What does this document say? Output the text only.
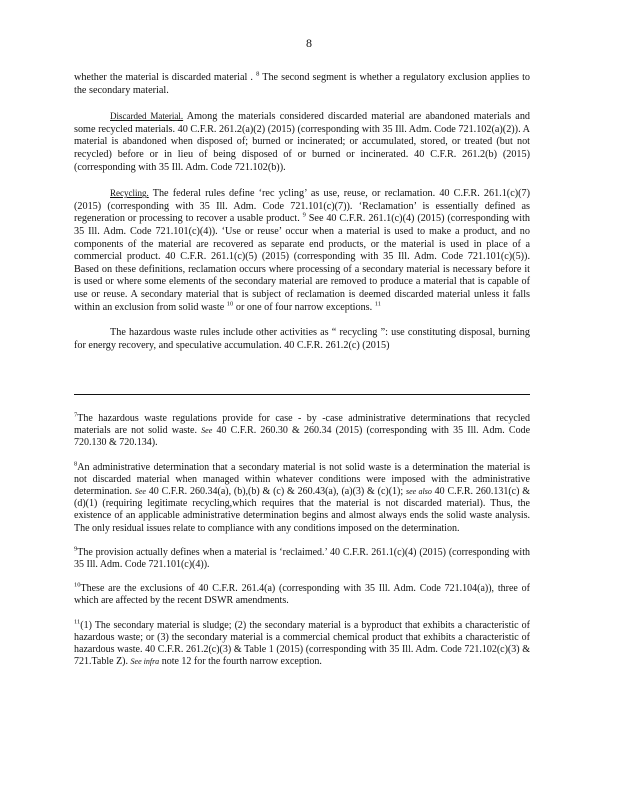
8

whether the material is discarded material . $^8$ The second segment is whether a regulatory exclusion applies to the secondary material.

Discarded Material. Among the materials considered discarded material are abandoned materials and some recycled materials. 40 C.F.R. 261.2(a)(2) (2015) (corresponding with 35 Ill. Adm. Code 721.102(a)(2)). A material is abandoned when disposed of; burned or incinerated; or accumulated, stored, or treated (but not recycled) before or in lieu of being disposed of or burned or incinerated. 40 C.F.R. 261.2(b) (2015) (corresponding with 35 Ill. Adm. Code 721.102(b)).

Recycling. The federal rules define ‘rec ycling’ as use, reuse, or reclamation. 40 C.F.R. 261.1(c)(7) (2015) (corresponding with 35 Ill. Adm. Code 721.101(c)(7)). ‘Reclamation’ is essentially defined as regeneration or processing to recover a usable product. $^9$ See 40 C.F.R. 261.1(c)(4) (2015) (corresponding with 35 Ill. Adm. Code 721.101(c)(4)). ‘Use or reuse’ occur when a material is used to make a product, and no components of the material are recovered as separate end products, or the material is used in place of a commercial product. 40 C.F.R. 261.1(c)(5) (2015) (corresponding with 35 Ill. Adm. Code 721.101(c)(5)). Based on these definitions, reclamation occurs where processing of a secondary material is necessary before it is used or where some elements of the secondary material are removed to produce a material that is capable of use or reuse. A secondary material that is subject of reclamation is deemed discarded material unless it falls within an exclusion from solid waste $^{10}$ or one of four narrow exceptions. $^{11}$

The hazardous waste rules include other activities as “ recycling ”: use constituting disposal, burning for energy recovery, and speculative accumulation. 40 C.F.R. 261.2(c) (2015)

$^7$The hazardous waste regulations provide for case - by -case administrative determinations that recycled materials are not solid waste. See 40 C.F.R. 260.30 & 260.34 (2015) (corresponding with 35 Ill. Adm. Code 720.130 & 720.134).

$^8$An administrative determination that a secondary material is not solid waste is a determination the material is not discarded material when managed within whatever conditions were imposed with the administrative determination. See 40 C.F.R. 260.34(a), (b),(b) & (c) & 260.43(a), (a)(3) & (c)(1); see also 40 C.F.R. 260.131(c) & (d)(1) (requiring legitimate recycling,which requires that the material is not discarded material). Thus, the existence of an applicable administrative determination begins and almost always ends the solid waste analysis. The only residual issues relate to compliance with any conditions imposed on the determination.

$^9$The provision actually defines when a material is ‘reclaimed.’ 40 C.F.R. 261.1(c)(4) (2015) (corresponding with 35 Ill. Adm. Code 721.101(c)(4)).

$^{10}$These are the exclusions of 40 C.F.R. 261.4(a) (corresponding with 35 Ill. Adm. Code 721.104(a)), three of which are affected by the recent DSWR amendments.

$^{11}$(1) The secondary material is sludge; (2) the secondary material is a byproduct that exhibits a characteristic of hazardous waste; or (3) the secondary material is a commercial chemical product that exhibits a characteristic of hazardous waste. 40 C.F.R. 261.2(c)(3) & Table 1 (2015) (corresponding with 35 Ill. Adm. Code 721.102(c)(3) & 721.Table Z). See infra note 12 for the fourth narrow exception.
